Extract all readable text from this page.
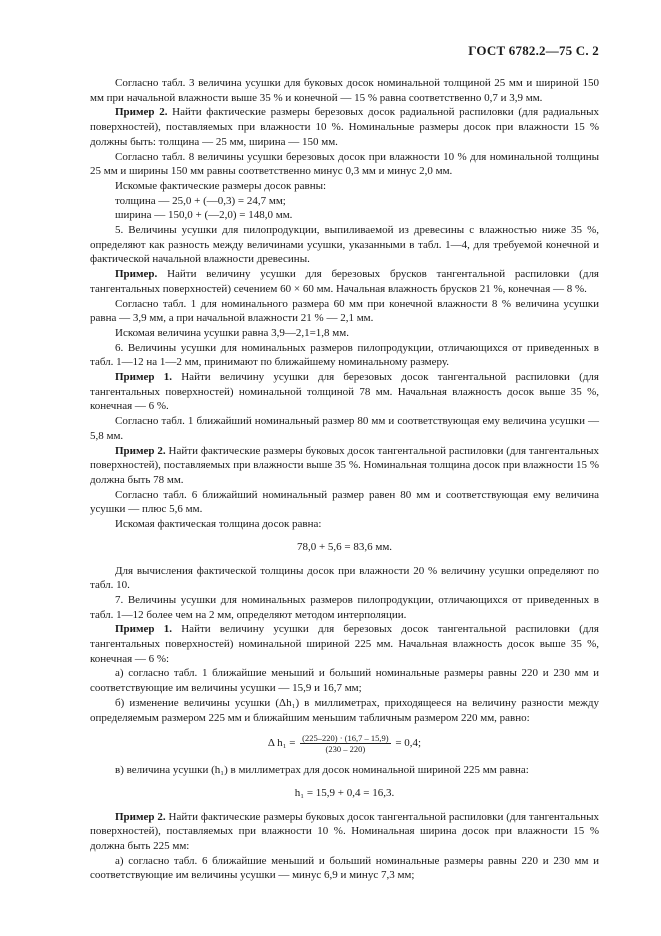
ГОСТ 6782.2—75 С. 2

Согласно табл. 3 величина усушки для буковых досок номинальной толщиной 25 мм и шириной 150 мм при начальной влажности выше 35 % и конечной — 15 % равна соответственно 0,7 и 3,9 мм.

Пример 2. Найти фактические размеры березовых досок радиальной распиловки (для радиальных поверхностей), поставляемых при влажности 10 %. Номинальные размеры досок при влажности 15 % должны быть: толщина — 25 мм, ширина — 150 мм.

Согласно табл. 8 величины усушки березовых досок при влажности 10 % для номинальной толщины 25 мм и ширины 150 мм равны соответственно минус 0,3 мм и минус 2,0 мм.

Искомые фактические размеры досок равны:

толщина — 25,0 + (—0,3) = 24,7 мм;

ширина — 150,0 + (—2,0) = 148,0 мм.

5. Величины усушки для пилопродукции, выпиливаемой из древесины с влажностью ниже 35 %, определяют как разность между величинами усушки, указанными в табл. 1—4, для требуемой конечной и фактической начальной влажности древесины.

Пример. Найти величину усушки для березовых брусков тангентальной распиловки (для тангентальных поверхностей) сечением 60 × 60 мм. Начальная влажность брусков 21 %, конечная — 8 %.

Согласно табл. 1 для номинального размера 60 мм при конечной влажности 8 % величина усушки равна — 3,9 мм, а при начальной влажности 21 % — 2,1 мм.

Искомая величина усушки равна 3,9—2,1=1,8 мм.

6. Величины усушки для номинальных размеров пилопродукции, отличающихся от приведенных в табл. 1—12 на 1—2 мм, принимают по ближайшему номинальному размеру.

Пример 1. Найти величину усушки для березовых досок тангентальной распиловки (для тангентальных поверхностей) номинальной толщиной 78 мм. Начальная влажность досок выше 35 %, конечная — 6 %.

Согласно табл. 1 ближайший номинальный размер 80 мм и соответствующая ему величина усушки — 5,8 мм.

Пример 2. Найти фактические размеры буковых досок тангентальной распиловки (для тангентальных поверхностей), поставляемых при влажности выше 35 %. Номинальная толщина досок при влажности 15 % должна быть 78 мм.

Согласно табл. 6 ближайший номинальный размер равен 80 мм и соответствующая ему величина усушки — плюс 5,6 мм.

Искомая фактическая толщина досок равна:

78,0 + 5,6 = 83,6 мм.

Для вычисления фактической толщины досок при влажности 20 % величину усушки определяют по табл. 10.

7. Величины усушки для номинальных размеров пилопродукции, отличающихся от приведенных в табл. 1—12 более чем на 2 мм, определяют методом интерполяции.

Пример 1. Найти величину усушки для березовых досок тангентальной распиловки (для тангентальных поверхностей) номинальной шириной 225 мм. Начальная влажность досок выше 35 %, конечная — 6 %:

а) согласно табл. 1 ближайшие меньший и больший номинальные размеры равны 220 и 230 мм и соответствующие им величины усушки — 15,9 и 16,7 мм;

б) изменение величины усушки (Δh₁) в миллиметрах, приходящееся на величину разности между определяемым размером 225 мм и ближайшим меньшим табличным размером 220 мм, равно:

Δ $h_1 = \frac{(225-220) \cdot (16,7 - 15,9)}{(230 - 220)} = 0,4$;

в) величина усушки (h₁) в миллиметрах для досок номинальной шириной 225 мм равна:

h₁ = 15,9 + 0,4 = 16,3.

Пример 2. Найти фактические размеры буковых досок тангентальной распиловки (для тангентальных поверхностей), поставляемых при влажности 10 %. Номинальная ширина досок при влажности 15 % должна быть 225 мм:

а) согласно табл. 6 ближайшие меньший и больший номинальные размеры равны 220 и 230 мм и соответствующие им величины усушки — минус 6,9 и минус 7,3 мм;
